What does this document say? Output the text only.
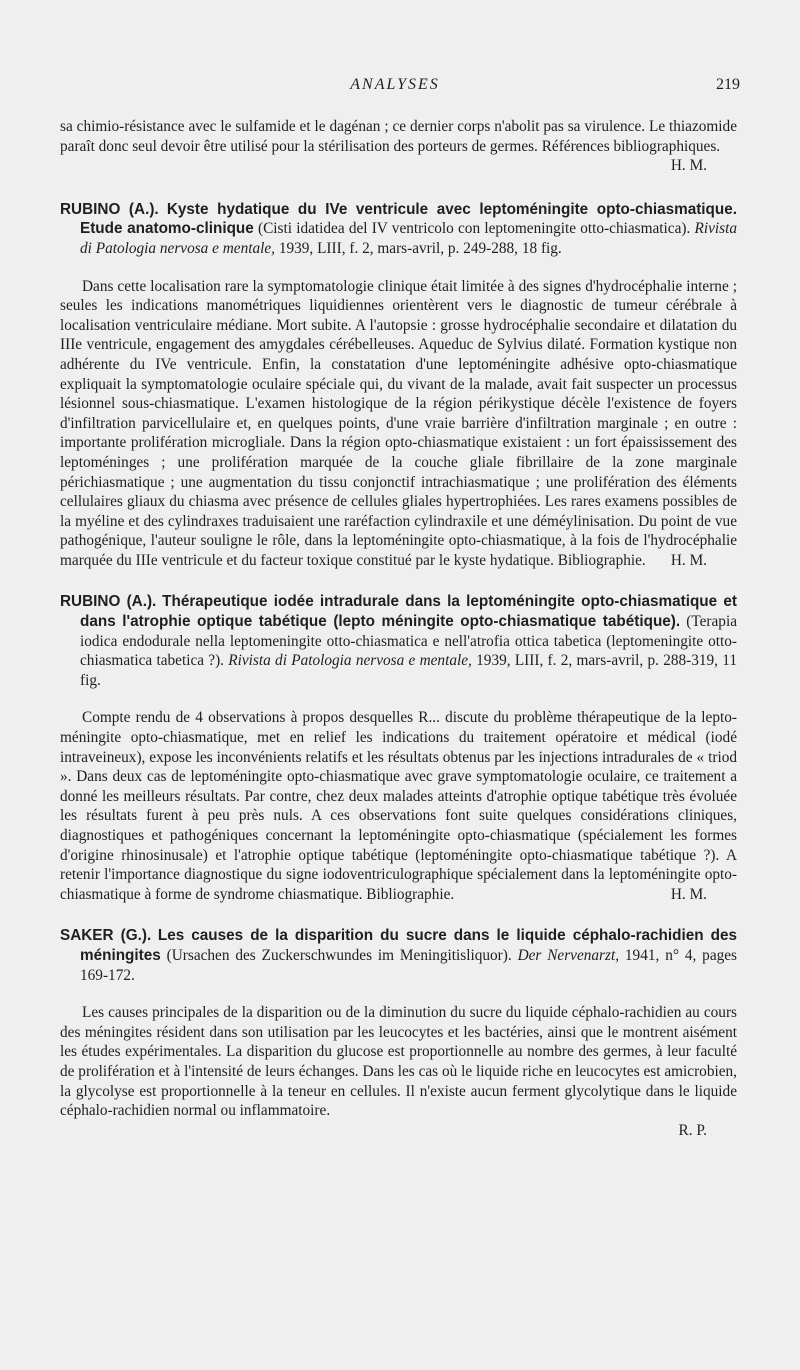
ANALYSES	219

sa chimio-résistance avec le sulfamide et le dagénan ; ce dernier corps n'abolit pas sa virulence. Le thiazomide paraît donc seul devoir être utilisé pour la stérilisation des porteurs de germes. Références bibliographiques.
H. M.

RUBINO (A.). Kyste hydatique du IVe ventricule avec leptoméningite opto-chiasmatique. Etude anatomo-clinique (Cisti idatidea del IV ventricolo con leptomeningite otto-chiasmatica). Rivista di Patologia nervosa e mentale, 1939, LIII, f. 2, mars-avril, p. 249-288, 18 fig.

Dans cette localisation rare la symptomatologie clinique était limitée à des signes d'hydrocéphalie interne ; seules les indications manométriques liquidiennes orientèrent vers le diagnostic de tumeur cérébrale à localisation ventriculaire médiane. Mort subite. A l'autopsie : grosse hydrocéphalie secondaire et dilatation du IIIe ventricule, engagement des amygdales cérébelleuses. Aqueduc de Sylvius dilaté. Formation kystique non adhérente du IVe ventricule. Enfin, la constatation d'une leptoméningite adhésive opto-chiasmatique expliquait la symptomatologie oculaire spéciale qui, du vivant de la malade, avait fait suspecter un processus lésionnel sous-chiasmatique. L'examen histologique de la région périkystique décèle l'existence de foyers d'infiltration parvicellulaire et, en quelques points, d'une vraie barrière d'infiltration marginale ; en outre : importante prolifération microgliale. Dans la région opto-chiasmatique existaient : un fort épaississement des leptoméninges ; une prolifération marquée de la couche gliale fibrillaire de la zone marginale périchiasmatique ; une augmentation du tissu conjonctif intrachiasmatique ; une prolifération des éléments cellulaires gliaux du chiasma avec présence de cellules gliales hypertrophiées. Les rares examens possibles de la myéline et des cylindraxes traduisaient une raréfaction cylindraxile et une déméylinisation. Du point de vue pathogénique, l'auteur souligne le rôle, dans la leptoméningite opto-chiasmatique, à la fois de l'hydrocéphalie marquée du IIIe ventricule et du facteur toxique constitué par le kyste hydatique. Bibliographie.	H. M.

RUBINO (A.). Thérapeutique iodée intradurale dans la leptoméningite opto-chiasmatique et dans l'atrophie optique tabétique (lepto méningite opto-chiasmatique tabétique). (Terapia iodica endodurale nella leptomeningite otto-chiasmatica e nell'atrofia ottica tabetica (leptomeningite otto-chiasmatica tabetica ?). Rivista di Patologia nervosa e mentale, 1939, LIII, f. 2, mars-avril, p. 288-319, 11 fig.

Compte rendu de 4 observations à propos desquelles R... discute du problème thérapeutique de la lepto-méningite opto-chiasmatique, met en relief les indications du traitement opératoire et médical (iodé intraveineux), expose les inconvénients relatifs et les résultats obtenus par les injections intradurales de « triod ». Dans deux cas de leptoméningite opto-chiasmatique avec grave symptomatologie oculaire, ce traitement a donné les meilleurs résultats. Par contre, chez deux malades atteints d'atrophie optique tabétique très évoluée les résultats furent à peu près nuls. A ces observations font suite quelques considérations cliniques, diagnostiques et pathogéniques concernant la leptoméningite opto-chiasmatique (spécialement les formes d'origine rhinosinusale) et l'atrophie optique tabétique (leptoméningite opto-chiasmatique tabétique ?). A retenir l'importance diagnostique du signe iodoventriculographique spécialement dans la leptoméningite opto-chiasmatique à forme de syndrome chiasmatique. Bibliographie.	H. M.

SAKER (G.). Les causes de la disparition du sucre dans le liquide céphalo-rachidien des méningites (Ursachen des Zuckerschwundes im Meningitisliquor). Der Nervenarzt, 1941, n° 4, pages 169-172.

Les causes principales de la disparition ou de la diminution du sucre du liquide céphalo-rachidien au cours des méningites résident dans son utilisation par les leucocytes et les bactéries, ainsi que le montrent aisément les études expérimentales. La disparition du glucose est proportionnelle au nombre des germes, à leur faculté de prolifération et à l'intensité de leurs échanges. Dans les cas où le liquide riche en leucocytes est amicrobien, la glycolyse est proportionnelle à la teneur en cellules. Il n'existe aucun ferment glycolytique dans le liquide céphalo-rachidien normal ou inflammatoire.

R. P.
